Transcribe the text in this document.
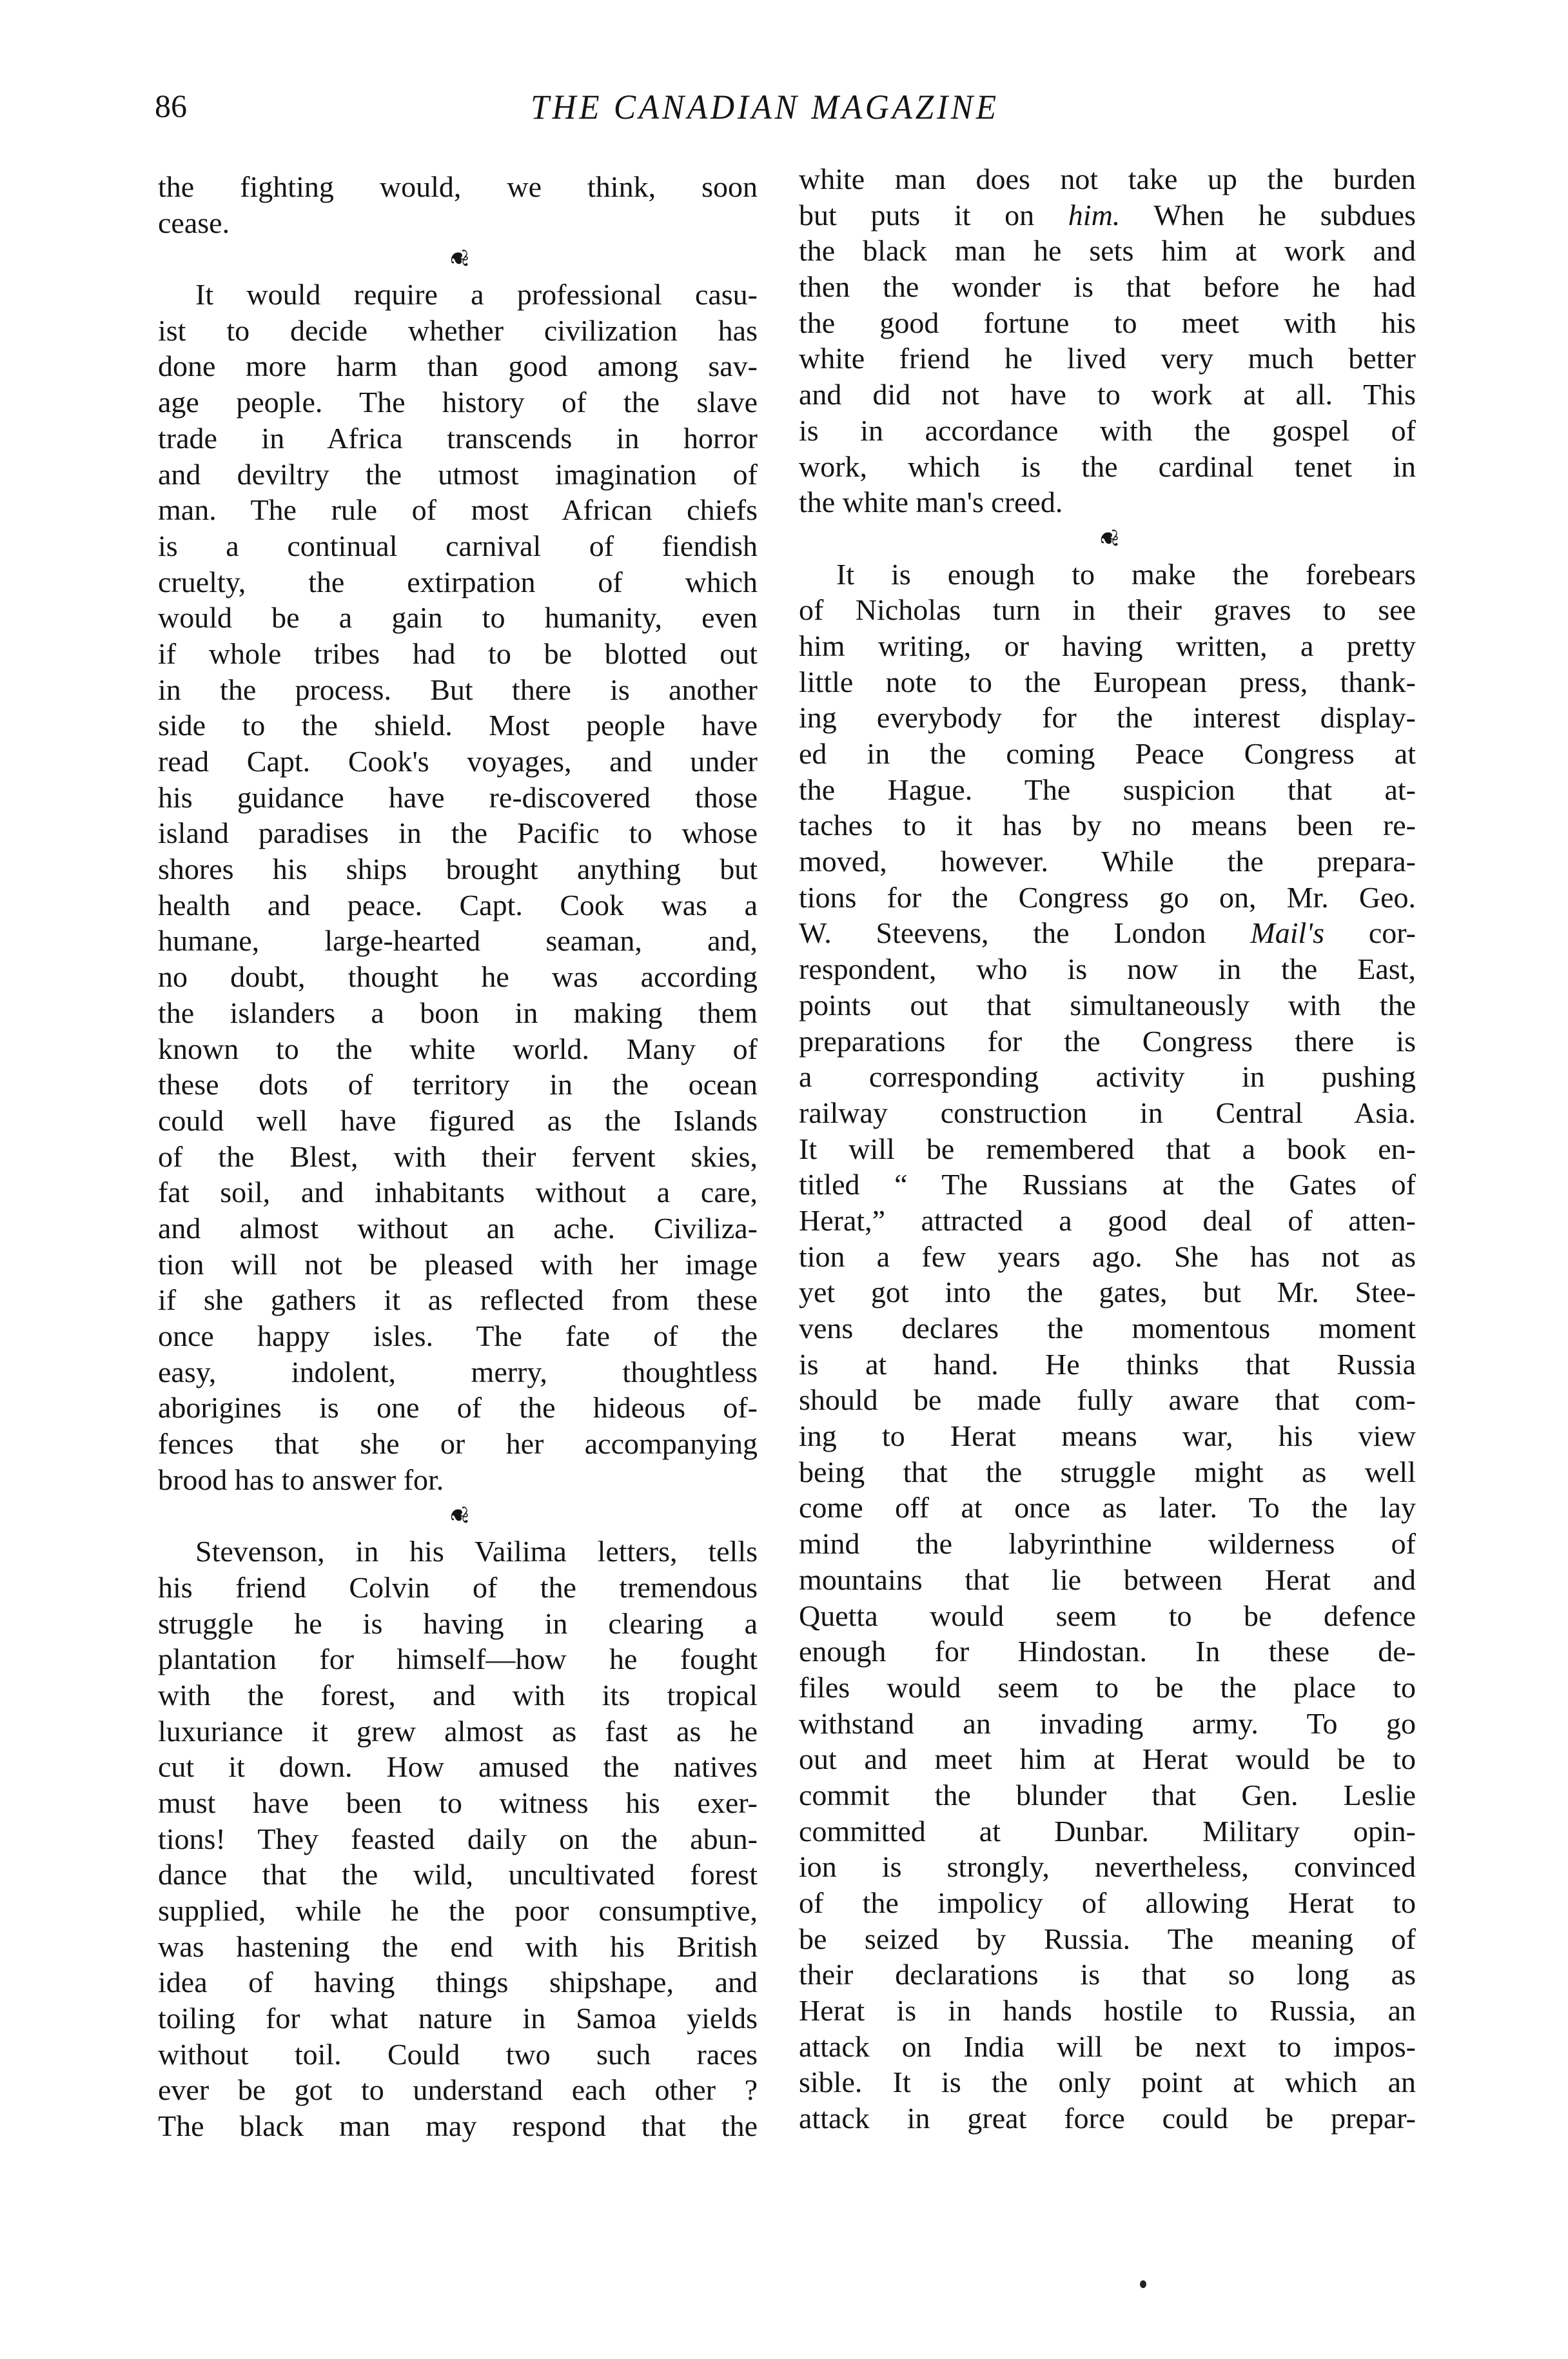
86	THE CANADIAN MAGAZINE
the fighting would, we think, soon
cease.
❦
It would require a professional casu-
ist to decide whether civilization has
done more harm than good among sav-
age people. The history of the slave
trade in Africa transcends in horror
and deviltry the utmost imagination of
man. The rule of most African chiefs
is a continual carnival of fiendish
cruelty, the extirpation of which
would be a gain to humanity, even
if whole tribes had to be blotted out
in the process. But there is another
side to the shield. Most people have
read Capt. Cook's voyages, and under
his guidance have re-discovered those
island paradises in the Pacific to whose
shores his ships brought anything but
health and peace. Capt. Cook was a
humane, large-hearted seaman, and,
no doubt, thought he was according
the islanders a boon in making them
known to the white world. Many of
these dots of territory in the ocean
could well have figured as the Islands
of the Blest, with their fervent skies,
fat soil, and inhabitants without a care,
and almost without an ache. Civiliza-
tion will not be pleased with her image
if she gathers it as reflected from these
once happy isles. The fate of the
easy, indolent, merry, thoughtless
aborigines is one of the hideous of-
fences that she or her accompanying
brood has to answer for.
❦
Stevenson, in his Vailima letters, tells
his friend Colvin of the tremendous
struggle he is having in clearing a
plantation for himself—how he fought
with the forest, and with its tropical
luxuriance it grew almost as fast as he
cut it down. How amused the natives
must have been to witness his exer-
tions! They feasted daily on the abun-
dance that the wild, uncultivated forest
supplied, while he the poor consumptive,
was hastening the end with his British
idea of having things shipshape, and
toiling for what nature in Samoa yields
without toil. Could two such races
ever be got to understand each other ?
The black man may respond that the
white man does not take up the burden
but puts it on him. When he subdues
the black man he sets him at work and
then the wonder is that before he had
the good fortune to meet with his
white friend he lived very much better
and did not have to work at all. This
is in accordance with the gospel of
work, which is the cardinal tenet in
the white man's creed.
❦
It is enough to make the forebears
of Nicholas turn in their graves to see
him writing, or having written, a pretty
little note to the European press, thank-
ing everybody for the interest display-
ed in the coming Peace Congress at
the Hague. The suspicion that at-
taches to it has by no means been re-
moved, however. While the prepara-
tions for the Congress go on, Mr. Geo.
W. Steevens, the London Mail's cor-
respondent, who is now in the East,
points out that simultaneously with the
preparations for the Congress there is
a corresponding activity in pushing
railway construction in Central Asia.
It will be remembered that a book en-
titled “ The Russians at the Gates of
Herat,” attracted a good deal of atten-
tion a few years ago. She has not as
yet got into the gates, but Mr. Stee-
vens declares the momentous moment
is at hand. He thinks that Russia
should be made fully aware that com-
ing to Herat means war, his view
being that the struggle might as well
come off at once as later. To the lay
mind the labyrinthine wilderness of
mountains that lie between Herat and
Quetta would seem to be defence
enough for Hindostan. In these de-
files would seem to be the place to
withstand an invading army. To go
out and meet him at Herat would be to
commit the blunder that Gen. Leslie
committed at Dunbar. Military opin-
ion is strongly, nevertheless, convinced
of the impolicy of allowing Herat to
be seized by Russia. The meaning of
their declarations is that so long as
Herat is in hands hostile to Russia, an
attack on India will be next to impos-
sible. It is the only point at which an
attack in great force could be prepar-
